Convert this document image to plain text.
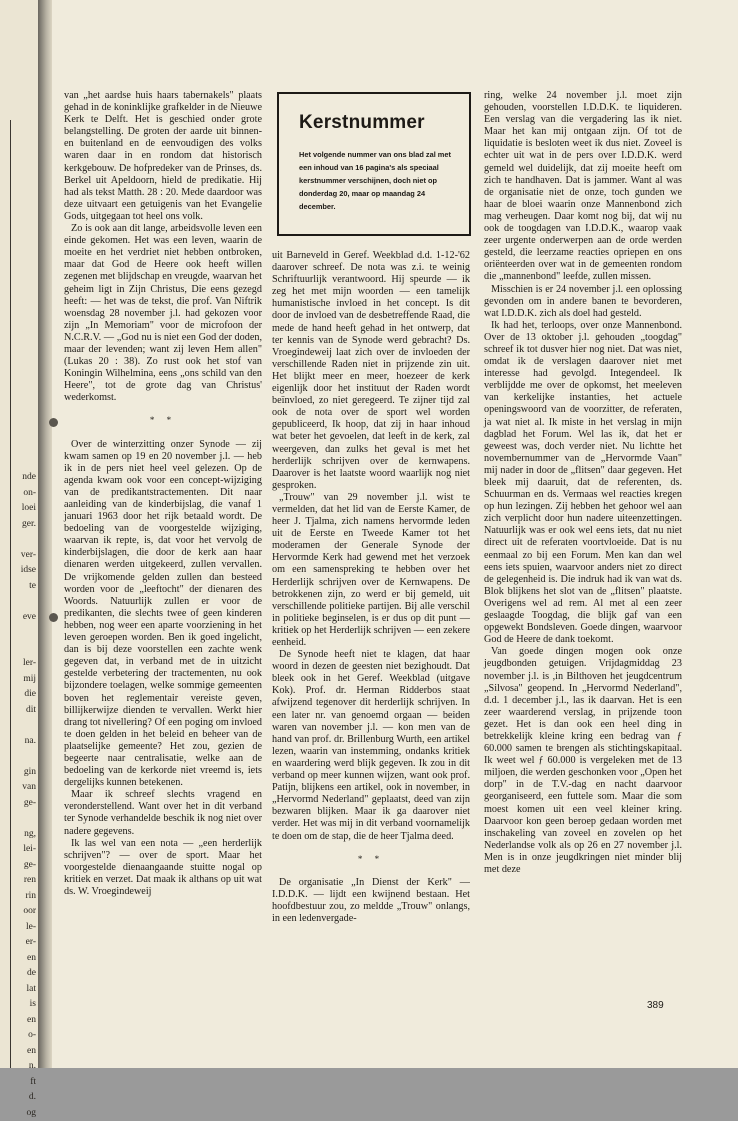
nde
on-
loei
ger.

ver-
idse
te

eve

ler-
mij
die
dit

na.

gin
van
ge-

ng,
lei-
ge-
ren
rin
oor
le-
er-
en
de
lat
is
en
o-
en
n.
ft
d.
og

van „het aardse huis haars tabernakels" plaats gehad in de koninklijke grafkelder in de Nieuwe Kerk te Delft. Het is geschied onder grote belangstelling. De groten der aarde uit binnen- en buitenland en de eenvoudigen des volks waren daar in en rondom dat historisch kerkgebouw. De hofpredeker van de Prinses, ds. Berkel uit Apeldoorn, hield de predikatie. Hij had als tekst Matth. 28 : 20. Mede daardoor was deze uitvaart een getuigenis van het Evangelie Gods, uitgegaan tot heel ons volk.

Zo is ook aan dit lange, arbeidsvolle leven een einde gekomen. Het was een leven, waarin de moeite en het verdriet niet hebben ontbroken, maar dat God de Heere ook heeft willen zegenen met blijdschap en vreugde, waarvan het geheim ligt in Zijn Christus, Die eens gezegd heeft: — het was de tekst, die prof. Van Niftrik woensdag 28 november j.l. had gekozen voor zijn „In Memoriam" voor de microfoon der N.C.R.V. — „God nu is niet een God der doden, maar der levenden; want zij leven Hem allen" (Lukas 20 : 38). Zo rust ook het stof van Koningin Wilhelmina, eens „ons schild van den Heere", tot de grote dag van Christus' wederkomst.

* *

Over de winterzitting onzer Synode — zij kwam samen op 19 en 20 november j.l. — heb ik in de pers niet heel veel gelezen. Op de agenda kwam ook voor een concept-wijziging van de predikantstractementen. Dit naar aanleiding van de kinderbijslag, die vanaf 1 januari 1963 door het rijk betaald wordt. De bedoeling van de voorgestelde wijziging, waarvan ik repte, is, dat voor het vervolg de kinderbijslagen, die door de kerk aan haar dienaren werden uitgekeerd, zullen vervallen. De vrijkomende gelden zullen dan besteed worden voor de „leeftocht" der dienaren des Woords. Natuurlijk zullen er voor de predikanten, die slechts twee of geen kinderen hebben, nog weer een aparte voorziening in het leven geroepen worden. Ben ik goed ingelicht, dan is bij deze voorstellen een zachte wenk gegeven dat, in verband met de in uitzicht gestelde verbetering der tractementen, nu ook bijzondere toelagen, welke sommige gemeenten boven het reglementair vereiste geven, billijkerwijze dienden te vervallen. Werkt hier drang tot nivellering? Of een poging om invloed te doen gelden in het beleid en beheer van de plaatselijke gemeente? Het zou, gezien de begeerte naar centralisatie, welke aan de bedoeling van de kerkorde niet vreemd is, iets dergelijks kunnen betekenen.

Maar ik schreef slechts vragend en veronderstellend. Want over het in dit verband ter Synode verhandelde beschik ik nog niet over nadere gegevens.

Ik las wel van een nota — „een herderlijk schrijven"? — over de sport. Maar het voorgestelde dienaangaande stuitte nogal op kritiek en verzet. Dat maak ik althans op uit wat ds. W. Vroegindeweij

Kerstnummer
Het volgende nummer van ons blad zal met een inhoud van 16 pagina's als speciaal kerstnummer verschijnen, doch niet op donderdag 20, maar op maandag 24 december.

uit Barneveld in Geref. Weekblad d.d. 1-12-'62 daarover schreef. De nota was z.i. te weinig Schriftuurlijk verantwoord. Hij speurde — ik zeg het met mijn woorden — een tamelijk humanistische invloed in het concept. Is dit door de invloed van de desbetreffende Raad, die mede de hand heeft gehad in het ontwerp, dat ter kennis van de Synode werd gebracht? Ds. Vroegindeweij laat zich over de invloeden der verschillende Raden niet in prijzende zin uit. Het blijkt meer en meer, hoezeer de kerk eigenlijk door het instituut der Raden wordt beïnvloed, zo niet geregeerd. Te zijner tijd zal ook de nota over de sport wel worden gepubliceerd, Ik hoop, dat zij in haar inhoud wat beter het gevoelen, dat leeft in de kerk, zal weergeven, dan zulks het geval is met het herderlijk schrijven over de kernwapens. Daarover is het laatste woord waarlijk nog niet gesproken.

„Trouw" van 29 november j.l. wist te vermelden, dat het lid van de Eerste Kamer, de heer J. Tjalma, zich namens hervormde leden uit de Eerste en Tweede Kamer tot het moderamen der Generale Synode der Hervormde Kerk had gewend met het verzoek om een samenspreking te hebben over het Herderlijk schrijven over de Kernwapens. De betrokkenen zijn, zo werd er bij gemeld, uit verschillende politieke partijen. Bij alle verschil in politieke beginselen, is er dus op dit punt — kritiek op het Herderlijk schrijven — een zekere eenheid.

De Synode heeft niet te klagen, dat haar woord in dezen de geesten niet bezighoudt. Dat bleek ook in het Geref. Weekblad (uitgave Kok). Prof. dr. Herman Ridderbos staat afwijzend tegenover dit herderlijk schrijven. In een later nr. van genoemd orgaan — beiden waren van november j.l. — kon men van de hand van prof. dr. Brillenburg Wurth, een artikel lezen, waarin van instemming, ondanks kritiek en waardering werd blijk gegeven. Ik zou in dit verband op meer kunnen wijzen, want ook prof. Patijn, blijkens een artikel, ook in november, in „Hervormd Nederland" geplaatst, deed van zijn bezwaren blijken. Maar ik ga daarover niet verder. Het was mij in dit verband voornamelijk te doen om de stap, die de heer Tjalma deed.

* *

De organisatie „In Dienst der Kerk" — I.D.D.K. — lijdt een kwijnend bestaan. Het hoofdbestuur zou, zo meldde „Trouw" onlangs, in een ledenvergade-

ring, welke 24 november j.l. moet zijn gehouden, voorstellen I.D.D.K. te liquideren. Een verslag van die vergadering las ik niet. Maar het kan mij ontgaan zijn. Of tot de liquidatie is besloten weet ik dus niet. Zoveel is echter uit wat in de pers over I.D.D.K. werd gemeld wel duidelijk, dat zij moeite heeft om zich te handhaven. Dat is jammer. Want al was de organisatie niet de onze, toch gunden we haar de bloei waarin onze Mannenbond zich mag verheugen. Daar komt nog bij, dat wij nu ook de toogdagen van I.D.D.K., waarop vaak zeer urgente onderwerpen aan de orde werden gesteld, die leerzame reacties opriepen en ons oriënteerden over wat in de gemeenten rondom die „mannenbond" leefde, zullen missen.

Misschien is er 24 november j.l. een oplossing gevonden om in andere banen te bevorderen, wat I.D.D.K. zich als doel had gesteld.

Ik had het, terloops, over onze Mannenbond. Over de 13 oktober j.l. gehouden „toogdag" schreef ik tot dusver hier nog niet. Dat was niet, omdat ik de verslagen daarover niet met interesse had gevolgd. Integendeel. Ik verblijdde me over de opkomst, het meeleven van kerkelijke instanties, het actuele openingswoord van de voorzitter, de referaten, ja wat niet al. Ik miste in het verslag in mijn dagblad het Forum. Wel las ik, dat het er geweest was, doch verder niet. Nu lichtte het novembernummer van de „Hervormde Vaan" mij nader in door de „flitsen" daar gegeven. Het bleek mij daaruit, dat de referenten, ds. Schuurman en ds. Vermaas wel reacties kregen op hun lezingen. Zij hebben het gehoor wel aan zich verplicht door hun nadere uiteenzettingen. Natuurlijk was er ook wel eens iets, dat nu niet direct uit de referaten voortvloeide. Dat is nu eenmaal zo bij een Forum. Men kan dan wel eens iets spuien, waarvoor anders niet zo direct de gelegenheid is. Die indruk had ik van wat ds. Blok blijkens het slot van de „flitsen" plaatste. Overigens wel ad rem. Al met al een zeer geslaagde Toogdag, die blijk gaf van een opgewekt Bondsleven. Goede dingen, waarvoor God de Heere de dank toekomt.

Van goede dingen mogen ook onze jeugdbonden getuigen. Vrijdagmiddag 23 november j.l. is ,in Bilthoven het jeugdcentrum „Silvosa" geopend. In „Hervormd Nederland", d.d. 1 december j.l., las ik daarvan. Het is een zeer waarderend verslag, in prijzende toon gezet. Het is dan ook een heel ding in betrekkelijk kleine kring een bedrag van ƒ 60.000 samen te brengen als stichtingskapitaal. Ik weet wel ƒ 60.000 is vergeleken met de 13 miljoen, die werden geschonken voor „Open het dorp" in de T.V.-dag en nacht daarvoor georganiseerd, een futtele som. Maar die som moest komen uit een veel kleiner kring. Daarvoor kon geen beroep gedaan worden met inschakeling van zoveel en zovelen op het Nederlandse volk als op 26 en 27 november j.l. Men is in onze jeugdkringen niet minder blij met deze

389
